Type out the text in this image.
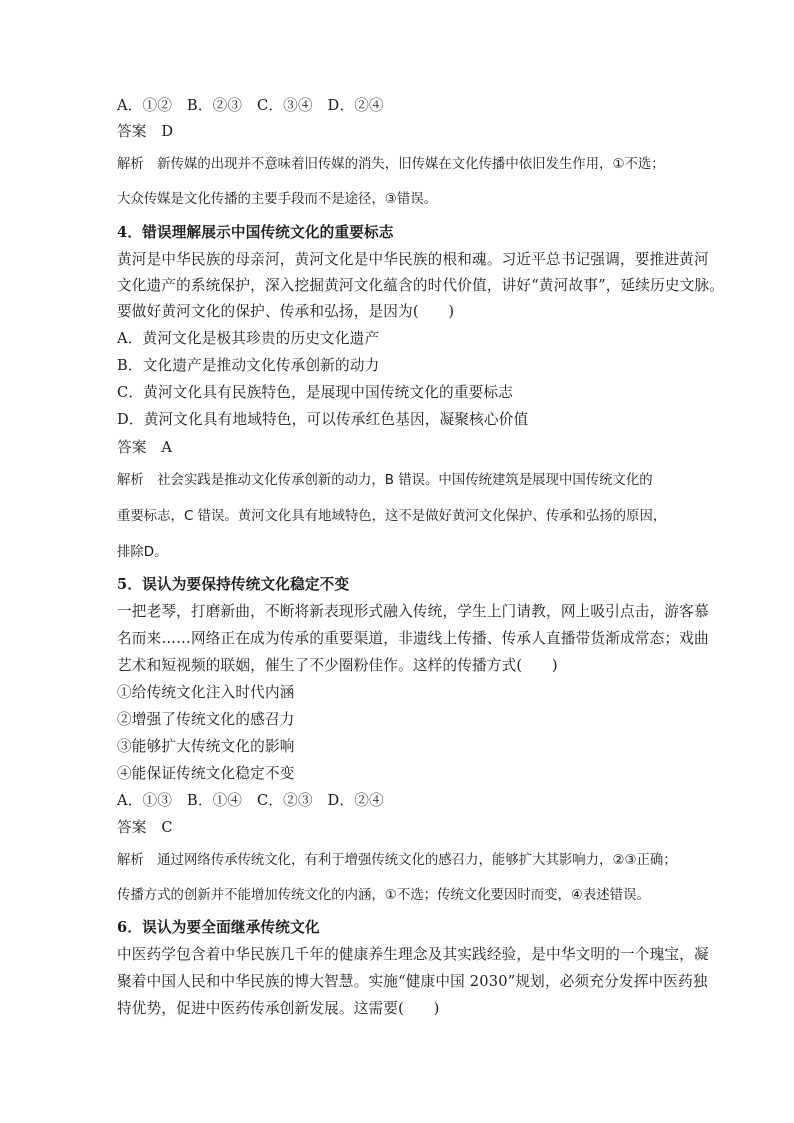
A．①②　B．②③　C．③④　D．②④
答案　D
解析　新传媒的出现并不意味着旧传媒的消失，旧传媒在文化传播中依旧发生作用，①不选；
大众传媒是文化传播的主要手段而不是途径，③错误。
4．错误理解展示中国传统文化的重要标志
黄河是中华民族的母亲河，黄河文化是中华民族的根和魂。习近平总书记强调，要推进黄河
文化遗产的系统保护，深入挖掘黄河文化蕴含的时代价值，讲好“黄河故事”，延续历史文脉。
要做好黄河文化的保护、传承和弘扬，是因为(　　)
A．黄河文化是极其珍贵的历史文化遗产
B．文化遗产是推动文化传承创新的动力
C．黄河文化具有民族特色，是展现中国传统文化的重要标志
D．黄河文化具有地域特色，可以传承红色基因，凝聚核心价值
答案　A
解析　社会实践是推动文化传承创新的动力，B 错误。中国传统建筑是展现中国传统文化的
重要标志，C 错误。黄河文化具有地域特色，这不是做好黄河文化保护、传承和弘扬的原因，
排除D。
5．误认为要保持传统文化稳定不变
一把老琴，打磨新曲，不断将新表现形式融入传统，学生上门请教，网上吸引点击，游客慕
名而来……网络正在成为传承的重要渠道，非遗线上传播、传承人直播带货渐成常态；戏曲
艺术和短视频的联姻，催生了不少圈粉佳作。这样的传播方式(　　)
①给传统文化注入时代内涵
②增强了传统文化的感召力
③能够扩大传统文化的影响
④能保证传统文化稳定不变
A．①③　B．①④　C．②③　D．②④
答案　C
解析　通过网络传承传统文化，有利于增强传统文化的感召力，能够扩大其影响力，②③正确；
传播方式的创新并不能增加传统文化的内涵，①不选；传统文化要因时而变，④表述错误。
6．误认为要全面继承传统文化
中医药学包含着中华民族几千年的健康养生理念及其实践经验，是中华文明的一个瑰宝，凝
聚着中国人民和中华民族的博大智慧。实施“健康中国 2030”规划，必须充分发挥中医药独
特优势，促进中医药传承创新发展。这需要(　　)
